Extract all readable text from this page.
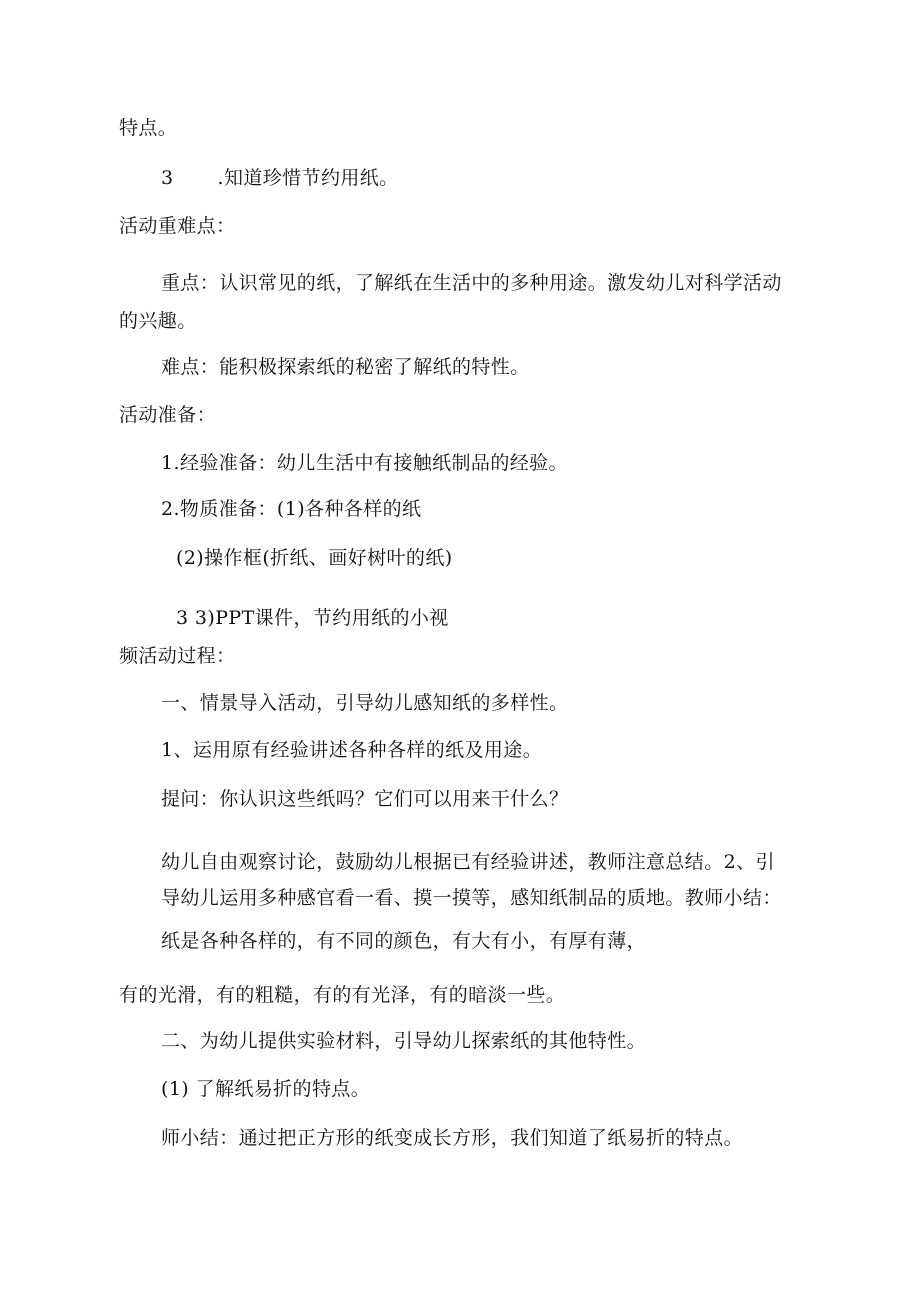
特点。
3 .知道珍惜节约用纸。
活动重难点：
重点：认识常见的纸，了解纸在生活中的多种用途。激发幼儿对科学活动
的兴趣。
难点：能积极探索纸的秘密了解纸的特性。
活动准备：
1.经验准备：幼儿生活中有接触纸制品的经验。
2.物质准备：(1)各种各样的纸
(2)操作框(折纸、画好树叶的纸)
3 3)PPT课件，节约用纸的小视
频活动过程：
一、情景导入活动，引导幼儿感知纸的多样性。
1、运用原有经验讲述各种各样的纸及用途。
提问：你认识这些纸吗？它们可以用来干什么？
幼儿自由观察讨论，鼓励幼儿根据已有经验讲述，教师注意总结。2、引
导幼儿运用多种感官看一看、摸一摸等，感知纸制品的质地。教师小结：
纸是各种各样的，有不同的颜色，有大有小，有厚有薄，
有的光滑，有的粗糙，有的有光泽，有的暗淡一些。
二、为幼儿提供实验材料，引导幼儿探索纸的其他特性。
(1) 了解纸易折的特点。
师小结：通过把正方形的纸变成长方形，我们知道了纸易折的特点。
